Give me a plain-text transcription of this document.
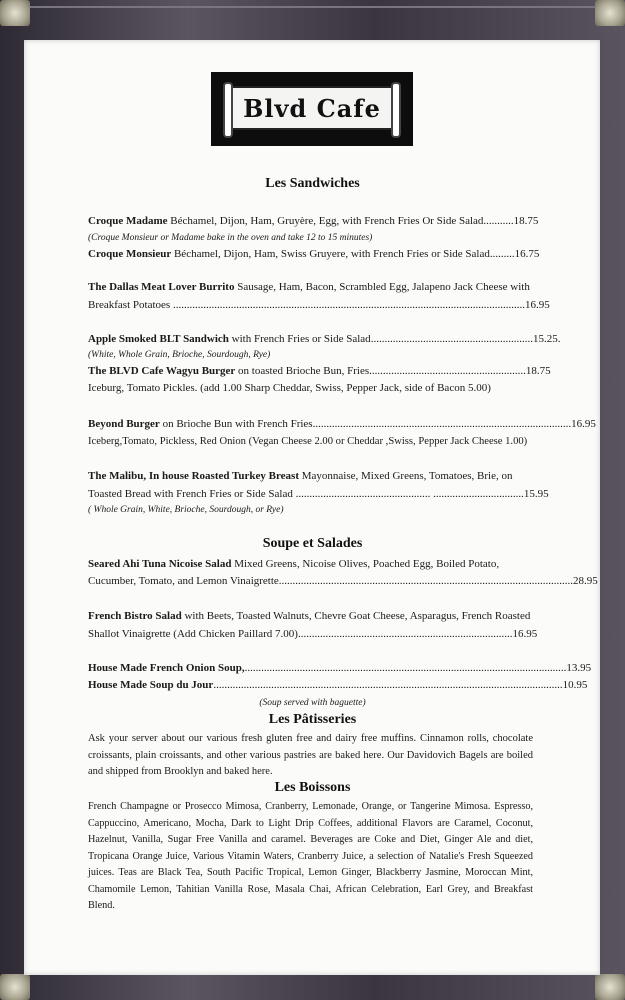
Blvd Cafe
Les Sandwiches
Croque Madame Béchamel, Dijon, Ham, Gruyère, Egg, with French Fries Or Side Salad...........18.75
(Croque Monsieur or Madame bake in the oven and take 12 to 15 minutes)
Croque Monsieur Béchamel, Dijon, Ham, Swiss Gruyere, with French Fries or Side Salad.........16.75
The Dallas Meat Lover Burrito Sausage, Ham, Bacon, Scrambled Egg, Jalapeno Jack Cheese with
Breakfast Potatoes ................................................................................................................................16.95
Apple Smoked BLT Sandwich with French Fries or Side Salad...........................................................15.25.
(White, Whole Grain, Brioche, Sourdough, Rye)
The BLVD Cafe Wagyu Burger on toasted Brioche Bun, Fries.........................................................18.75
Iceburg, Tomato Pickles. (add 1.00 Sharp Cheddar, Swiss, Pepper Jack, side of Bacon 5.00)
Beyond Burger on Brioche Bun with French Fries..............................................................................................16.95
Iceberg,Tomato, Pickless, Red Onion (Vegan Cheese 2.00 or Cheddar ,Swiss, Pepper Jack Cheese 1.00)
The Malibu, In house Roasted Turkey Breast Mayonnaise, Mixed Greens, Tomatoes, Brie, on
Toasted Bread with French Fries or Side Salad ................................................. .................................15.95
( Whole Grain, White, Brioche, Sourdough, or Rye)
Soupe et Salades
Seared Ahi Tuna Nicoise Salad Mixed Greens, Nicoise Olives, Poached Egg, Boiled Potato,
Cucumber, Tomato, and Lemon Vinaigrette...........................................................................................................28.95
French Bistro Salad with Beets, Toasted Walnuts, Chevre Goat Cheese, Asparagus, French Roasted
Shallot Vinaigrette (Add Chicken Paillard 7.00)..............................................................................16.95
House Made French Onion Soup,.....................................................................................................................13.95
House Made Soup du Jour...............................................................................................................................10.95
(Soup served with baguette)
Les Pâtisseries
Ask your server about our various fresh gluten free and dairy free muffins. Cinnamon rolls, chocolate croissants, plain croissants, and other various pastries are baked here. Our Davidovich Bagels are boiled and shipped from Brooklyn and baked here.
Les Boissons
French Champagne or Prosecco Mimosa, Cranberry, Lemonade, Orange, or Tangerine Mimosa. Espresso, Cappuccino, Americano, Mocha, Dark to Light Drip Coffees, additional Flavors are Caramel, Coconut, Hazelnut, Vanilla, Sugar Free Vanilla and caramel. Beverages are Coke and Diet, Ginger Ale and diet, Tropicana Orange Juice, Various Vitamin Waters, Cranberry Juice, a selection of Natalie's Fresh Squeezed juices. Teas are Black Tea, South Pacific Tropical, Lemon Ginger, Blackberry Jasmine, Moroccan Mint, Chamomile Lemon, Tahitian Vanilla Rose, Masala Chai, African Celebration, Earl Grey, and Breakfast Blend.
